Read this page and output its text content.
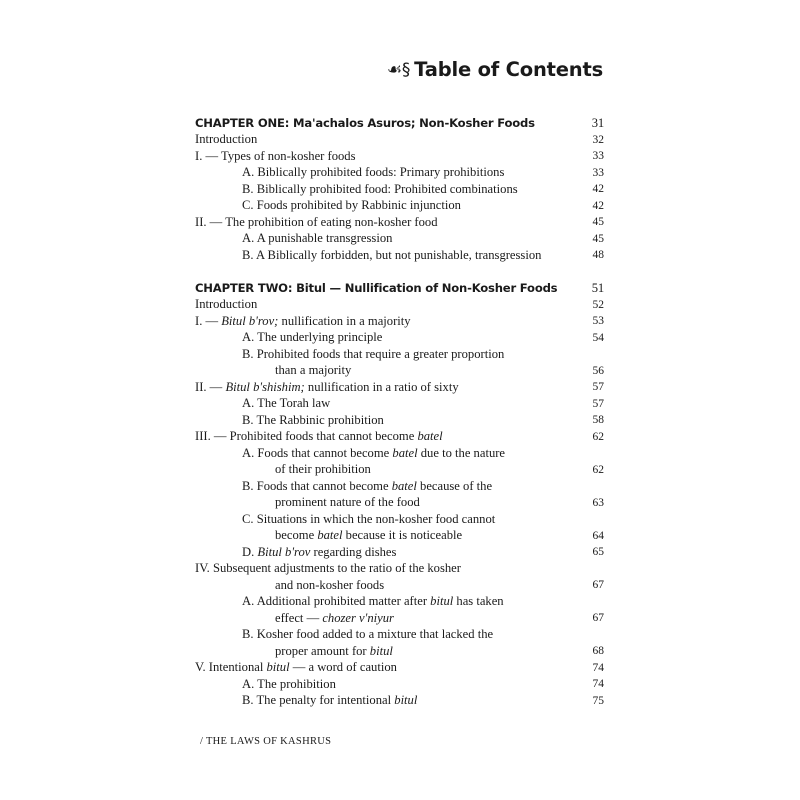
☙§ Table of Contents
CHAPTER ONE: Ma'achalos Asuros; Non-Kosher Foods	31
Introduction	32
I. — Types of non-kosher foods	33
A. Biblically prohibited foods: Primary prohibitions	33
B. Biblically prohibited food: Prohibited combinations	42
C. Foods prohibited by Rabbinic injunction	42
II. — The prohibition of eating non-kosher food	45
A. A punishable transgression	45
B. A Biblically forbidden, but not punishable, transgression	48
CHAPTER TWO: Bitul — Nullification of Non-Kosher Foods	51
Introduction	52
I. — Bitul b'rov; nullification in a majority	53
A. The underlying principle	54
B. Prohibited foods that require a greater proportion
than a majority	56
II. — Bitul b'shishim; nullification in a ratio of sixty	57
A. The Torah law	57
B. The Rabbinic prohibition	58
III. — Prohibited foods that cannot become batel	62
A. Foods that cannot become batel due to the nature
of their prohibition	62
B. Foods that cannot become batel because of the
prominent nature of the food	63
C. Situations in which the non-kosher food cannot
become batel because it is noticeable	64
D. Bitul b'rov regarding dishes	65
IV. Subsequent adjustments to the ratio of the kosher
and non-kosher foods	67
A. Additional prohibited matter after bitul has taken
effect — chozer v'niyur	67
B. Kosher food added to a mixture that lacked the
proper amount for bitul	68
V. Intentional bitul — a word of caution	74
A. The prohibition	74
B. The penalty for intentional bitul	75
/ THE LAWS OF KASHRUS
